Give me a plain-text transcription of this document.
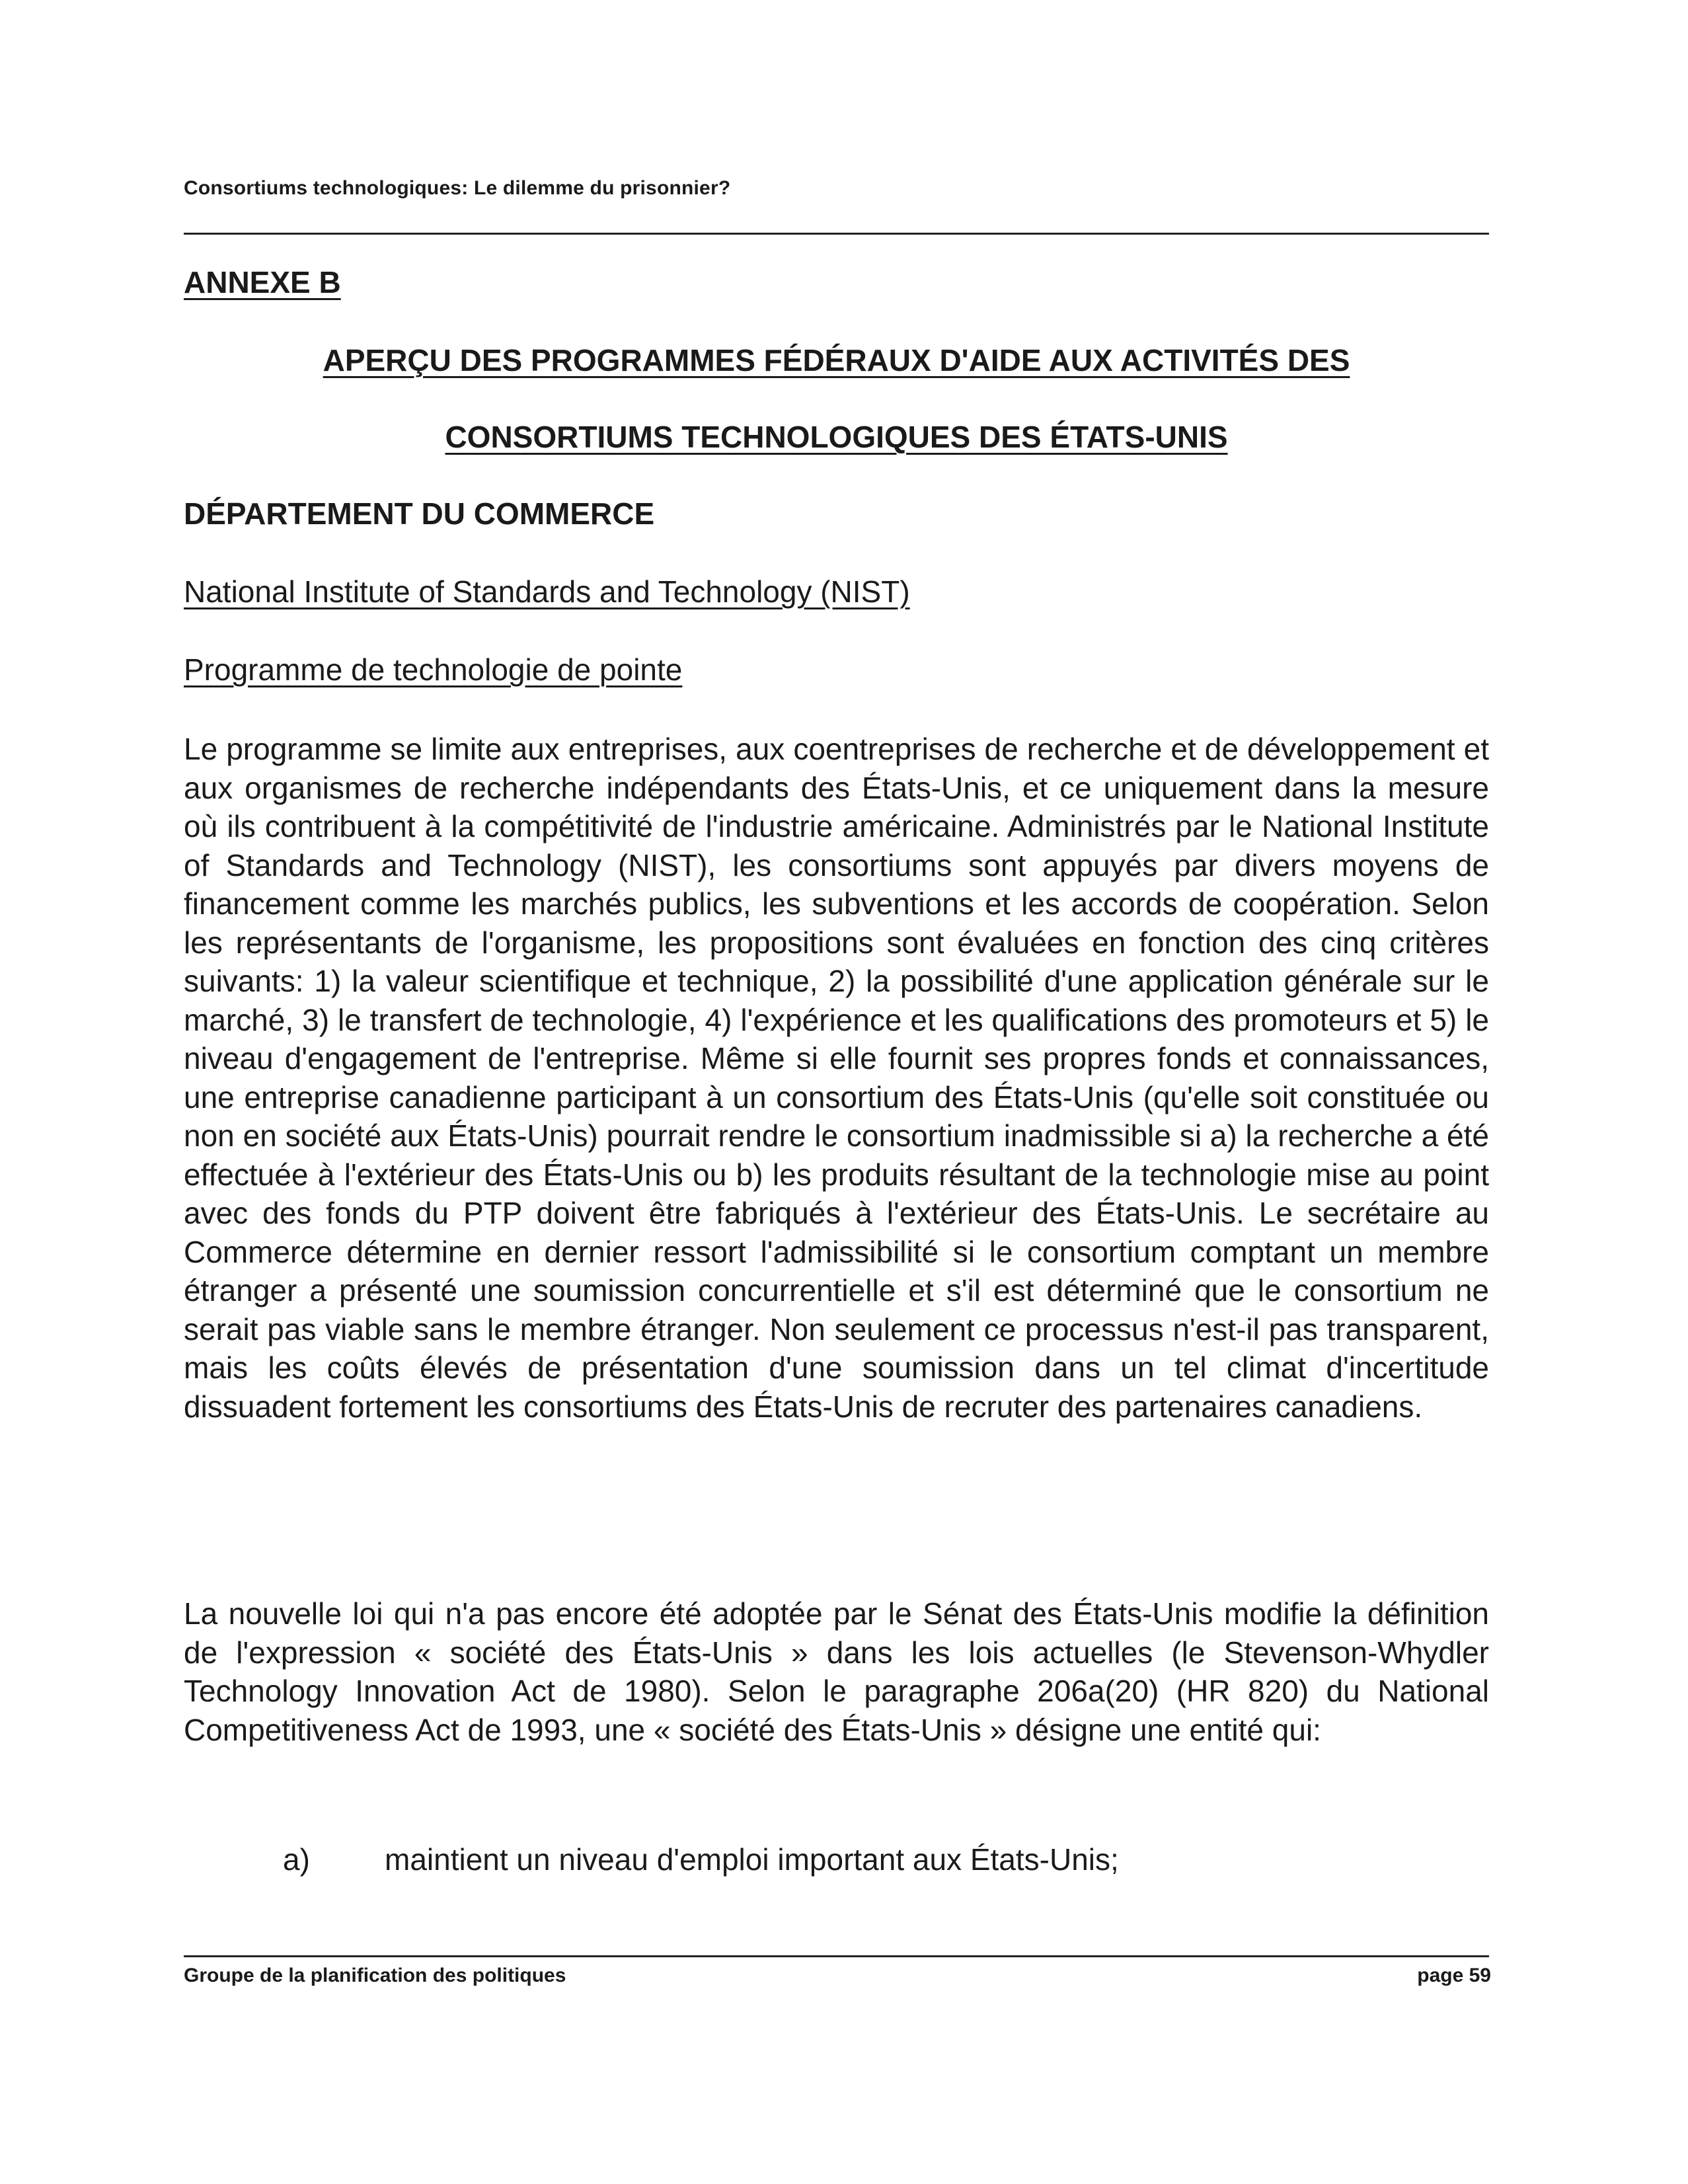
Consortiums technologiques: Le dilemme du prisonnier?
ANNEXE B
APERÇU DES PROGRAMMES FÉDÉRAUX D'AIDE AUX ACTIVITÉS DES
CONSORTIUMS TECHNOLOGIQUES DES ÉTATS-UNIS
DÉPARTEMENT DU COMMERCE
National Institute of Standards and Technology (NIST)
Programme de technologie de pointe

Le programme se limite aux entreprises, aux coentreprises de recherche et de développement et aux organismes de recherche indépendants des États-Unis, et ce uniquement dans la mesure où ils contribuent à la compétitivité de l'industrie américaine. Administrés par le National Institute of Standards and Technology (NIST), les consortiums sont appuyés par divers moyens de financement comme les marchés publics, les subventions et les accords de coopération. Selon les représentants de l'organisme, les propositions sont évaluées en fonction des cinq critères suivants: 1) la valeur scientifique et technique, 2) la possibilité d'une application générale sur le marché, 3) le transfert de technologie, 4) l'expérience et les qualifications des promoteurs et 5) le niveau d'engagement de l'entreprise. Même si elle fournit ses propres fonds et connaissances, une entreprise canadienne participant à un consortium des États-Unis (qu'elle soit constituée ou non en société aux États-Unis) pourrait rendre le consortium inadmissible si a) la recherche a été effectuée à l'extérieur des États-Unis ou b) les produits résultant de la technologie mise au point avec des fonds du PTP doivent être fabriqués à l'extérieur des États-Unis. Le secrétaire au Commerce détermine en dernier ressort l'admissibilité si le consortium comptant un membre étranger a présenté une soumission concurrentielle et s'il est déterminé que le consortium ne serait pas viable sans le membre étranger. Non seulement ce processus n'est-il pas transparent, mais les coûts élevés de présentation d'une soumission dans un tel climat d'incertitude dissuadent fortement les consortiums des États-Unis de recruter des partenaires canadiens.

La nouvelle loi qui n'a pas encore été adoptée par le Sénat des États-Unis modifie la définition de l'expression « société des États-Unis » dans les lois actuelles (le Stevenson-Whydler Technology Innovation Act de 1980). Selon le paragraphe 206a(20) (HR 820) du National Competitiveness Act de 1993, une « société des États-Unis » désigne une entité qui:

a) maintient un niveau d'emploi important aux États-Unis;
Groupe de la planification des politiques	page 59
